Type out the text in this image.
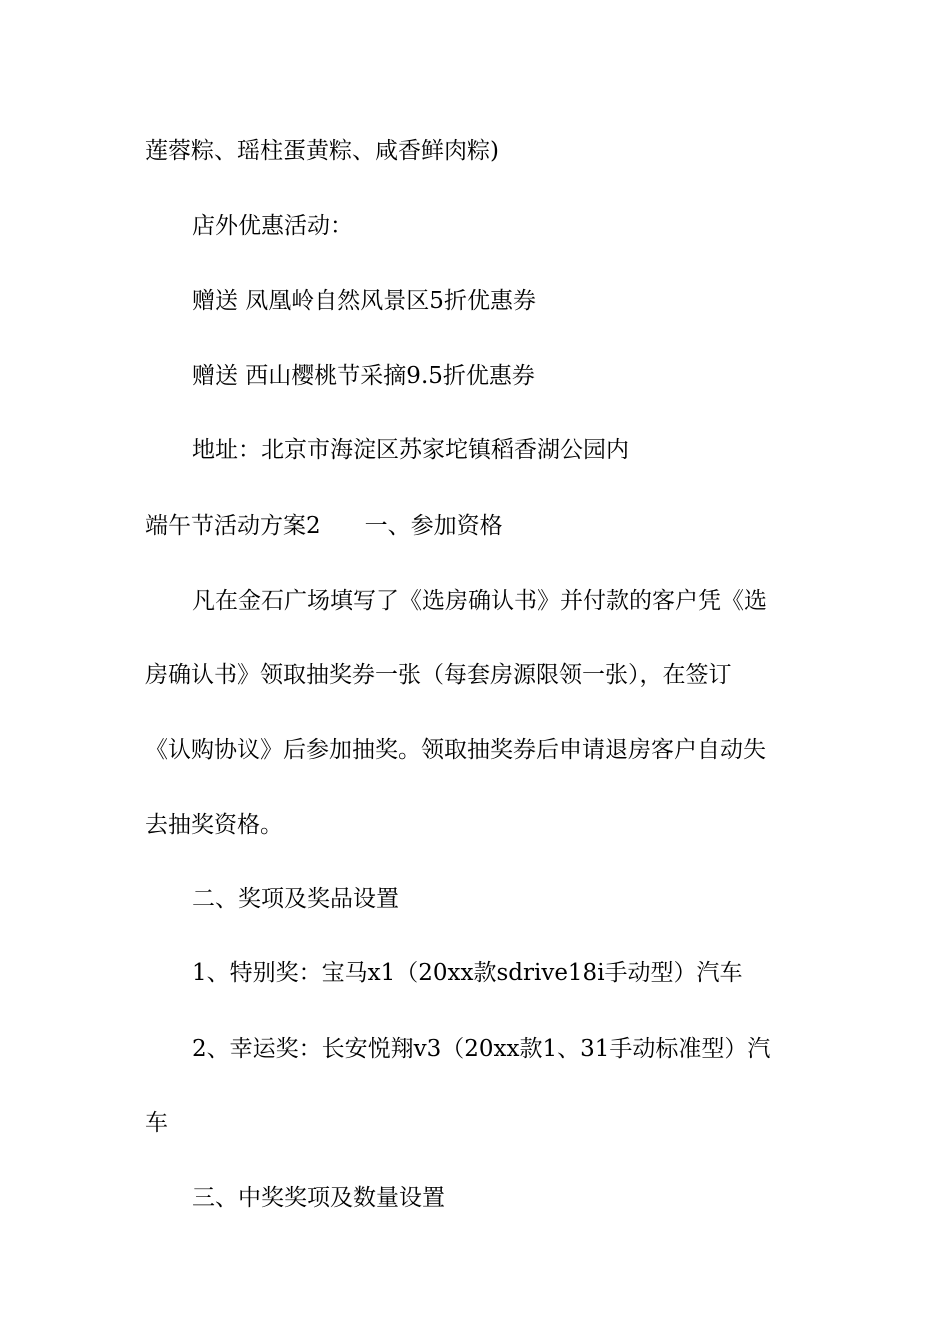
莲蓉粽、瑶柱蛋黄粽、咸香鲜肉粽)
店外优惠活动：
赠送 凤凰岭自然风景区5折优惠券
赠送 西山樱桃节采摘9.5折优惠券
地址：北京市海淀区苏家坨镇稻香湖公园内
端午节活动方案2 一、参加资格
凡在金石广场填写了《选房确认书》并付款的客户凭《选
房确认书》领取抽奖券一张（每套房源限领一张），在签订
《认购协议》后参加抽奖。领取抽奖券后申请退房客户自动失
去抽奖资格。
二、奖项及奖品设置
1、特别奖：宝马x1（20xx款sdrive18i手动型）汽车
2、幸运奖：长安悦翔v3（20xx款1、31手动标准型）汽
车
三、中奖奖项及数量设置
